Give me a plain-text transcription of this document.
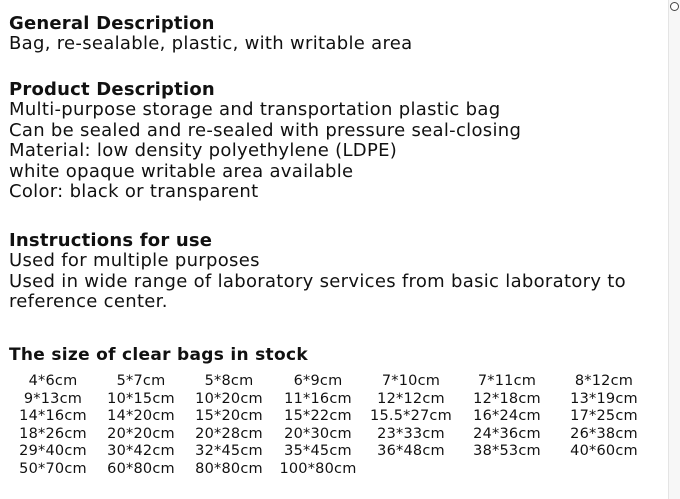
General Description
Bag, re-sealable, plastic, with writable area
Product Description
Multi-purpose storage and transportation plastic bag
Can be sealed and re-sealed with pressure seal-closing
Material: low density polyethylene (LDPE)
white opaque writable area available
Color: black or transparent
Instructions for use
Used for multiple purposes
Used in wide range of laboratory services from basic laboratory to reference center.
The size of clear bags in stock
4*6cm	5*7cm	5*8cm	6*9cm	7*10cm	7*11cm	8*12cm
9*13cm	10*15cm	10*20cm	11*16cm	12*12cm	12*18cm	13*19cm
14*16cm	14*20cm	15*20cm	15*22cm	15.5*27cm	16*24cm	17*25cm
18*26cm	20*20cm	20*28cm	20*30cm	23*33cm	24*36cm	26*38cm
29*40cm	30*42cm	32*45cm	35*45cm	36*48cm	38*53cm	40*60cm
50*70cm	60*80cm	80*80cm	100*80cm			
